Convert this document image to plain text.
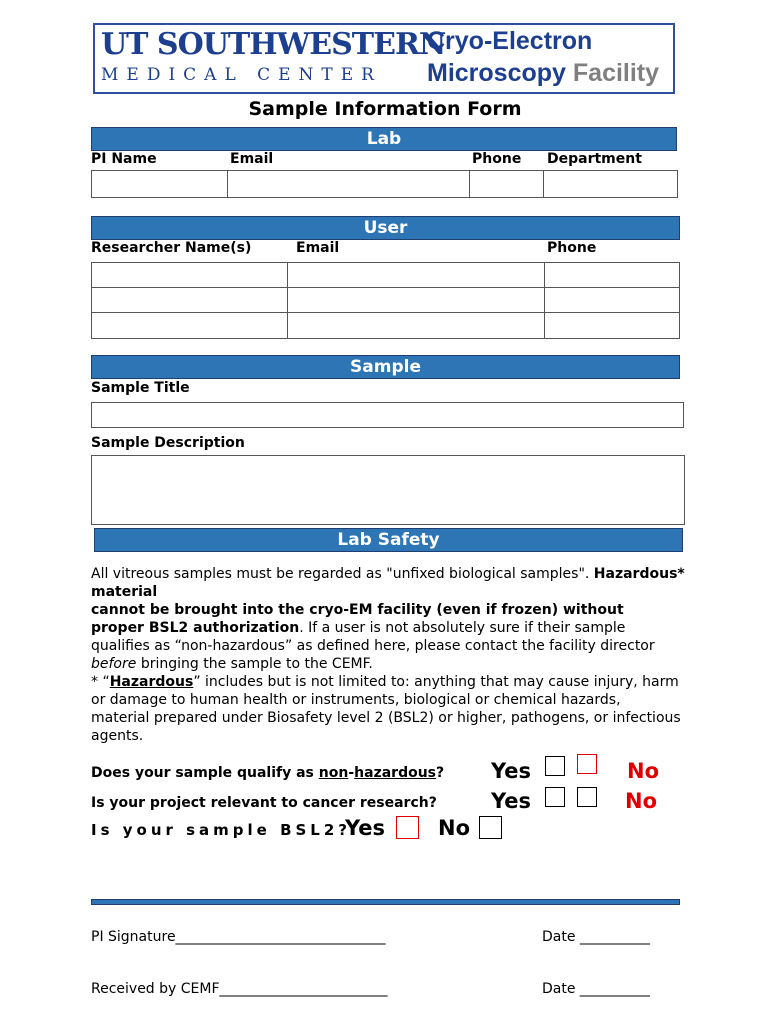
UT SOUTHWESTERN
MEDICAL CENTER
Cryo-Electron
Microscopy Facility
Sample Information Form
Lab
PI Name	Email	Phone Department
User
Researcher Name(s)	Email	Phone
Sample
Sample Title
Sample Description
Lab Safety
All vitreous samples must be regarded as "unfixed biological samples". Hazardous* material

cannot be brought into the cryo-EM facility (even if frozen) without proper BSL2 authorization. If a user is not absolutely sure if their sample qualifies as “non-hazardous” as defined here, please contact the facility director before bringing the sample to the CEMF.
* “Hazardous” includes but is not limited to: anything that may cause injury, harm or damage to human health or instruments, biological or chemical hazards, material prepared under Biosafety level 2 (BSL2) or higher, pathogens, or infectious agents.
Does your sample qualify as non-hazardous? Yes	No
Is your project relevant to cancer research?	Yes	No
Is your sample BSL2?
Yes	No
PI Signature______________________________	Date __________
Received by CEMF________________________	Date __________
